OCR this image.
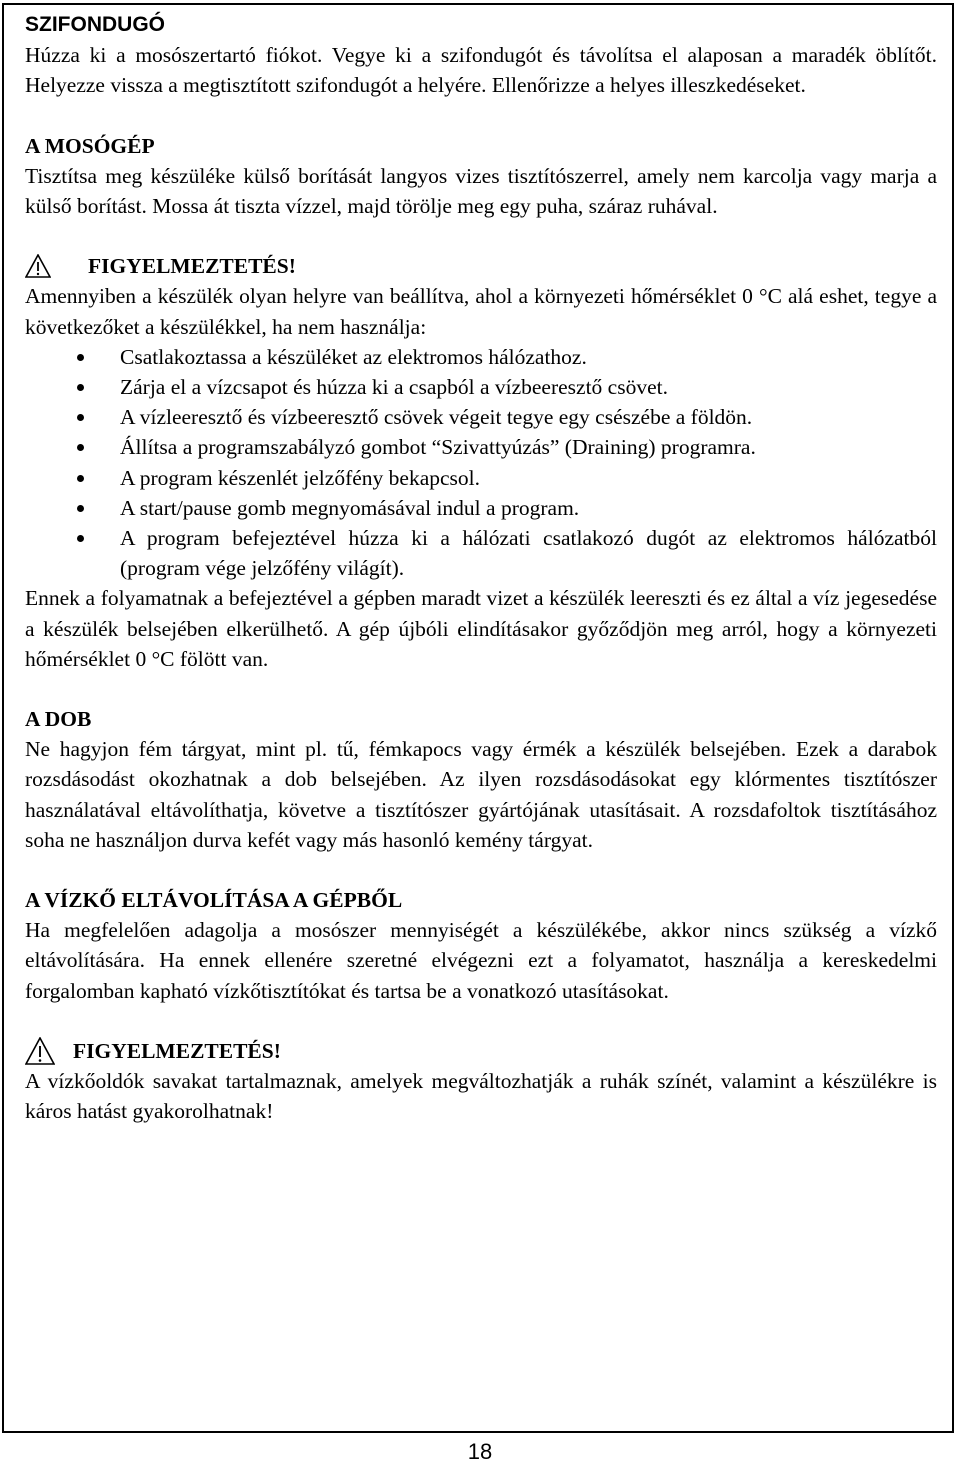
SZIFONDUGÓ

Húzza ki a mosószertartó fiókot. Vegye ki a szifondugót és távolítsa el alaposan a maradék öblítőt. Helyezze vissza a megtisztított szifondugót a helyére. Ellenőrizze a helyes illeszkedéseket.

A MOSÓGÉP

Tisztítsa meg készüléke külső borítását langyos vizes tisztítószerrel, amely nem karcolja vagy marja a külső borítást. Mossa át tiszta vízzel, majd törölje meg egy puha, száraz ruhával.

FIGYELMEZTETÉS!

Amennyiben a készülék olyan helyre van beállítva, ahol a környezeti hőmérséklet 0 °C alá eshet, tegye a következőket a készülékkel, ha nem használja:

Csatlakoztassa a készüléket az elektromos hálózathoz.
Zárja el a vízcsapot és húzza ki a csapból a vízbeeresztő csövet.
A vízleeresztő és vízbeeresztő csövek végeit tegye egy csészébe a földön.
Állítsa a programszabályzó gombot “Szivattyúzás” (Draining) programra.
A program készenlét jelzőfény bekapcsol.
A start/pause gomb megnyomásával indul a program.
A program befejeztével húzza ki a hálózati csatlakozó dugót az elektromos hálózatból (program vége jelzőfény világít).

Ennek a folyamatnak a befejeztével a gépben maradt vizet a készülék leereszti és ez által a víz jegesedése a készülék belsejében elkerülhető. A gép újbóli elindításakor győződjön meg arról, hogy a környezeti hőmérséklet 0 °C fölött van.

A DOB

Ne hagyjon fém tárgyat, mint pl. tű, fémkapocs vagy érmék a készülék belsejében. Ezek a darabok rozsdásodást okozhatnak a dob belsejében. Az ilyen rozsdásodásokat egy klórmentes tisztítószer használatával eltávolíthatja, követve a tisztítószer gyártójának utasításait. A rozsdafoltok tisztításához soha ne használjon durva kefét vagy más hasonló kemény tárgyat.

A VÍZKŐ ELTÁVOLÍTÁSA A GÉPBŐL

Ha megfelelően adagolja a mosószer mennyiségét a készülékébe, akkor nincs szükség a vízkő eltávolítására. Ha ennek ellenére szeretné elvégezni ezt a folyamatot, használja a kereskedelmi forgalomban kapható vízkőtisztítókat és tartsa be a vonatkozó utasításokat.

FIGYELMEZTETÉS!

A vízkőoldók savakat tartalmaznak, amelyek megváltozhatják a ruhák színét, valamint a készülékre is káros hatást gyakorolhatnak!

18
